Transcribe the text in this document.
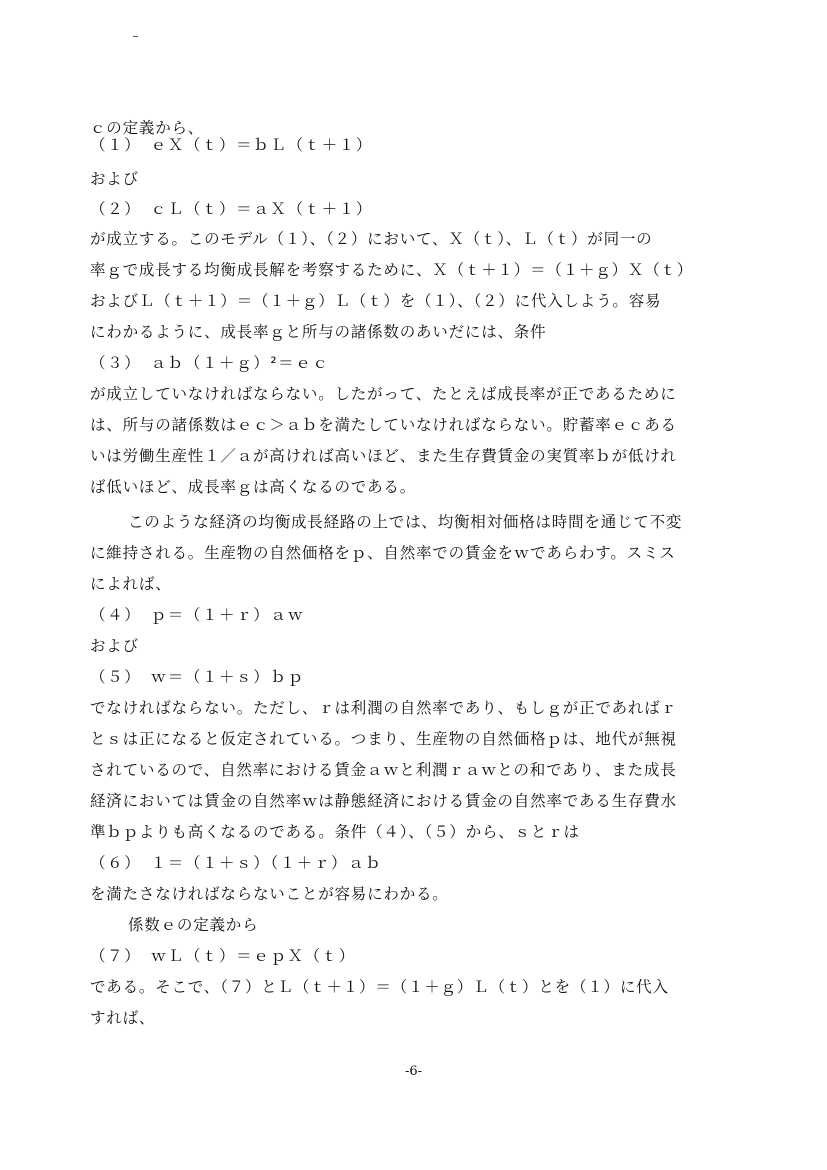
ｃの定義から、
（１）　ｅＸ（ｔ）＝ｂＬ（ｔ＋１）
および
（２）　ｃＬ（ｔ）＝ａＸ（ｔ＋１）
が成立する。このモデル（１）、（２）において、Ｘ（ｔ）、Ｌ（ｔ）が同一の
率ｇで成長する均衡成長解を考察するために、Ｘ（ｔ＋１）＝（１＋ｇ）Ｘ（ｔ）
およびＬ（ｔ＋１）＝（１＋ｇ）Ｌ（ｔ）を（１）、（２）に代入しよう。容易
にわかるように、成長率ｇと所与の諸係数のあいだには、条件
（３）　ａｂ（１＋ｇ）²＝ｅｃ
が成立していなければならない。したがって、たとえば成長率が正であるために
は、所与の諸係数はｅｃ＞ａｂを満たしていなければならない。貯蓄率ｅｃある
いは労働生産性１／ａが高ければ高いほど、また生存費賃金の実質率ｂが低けれ
ば低いほど、成長率ｇは高くなるのである。
このような経済の均衡成長経路の上では、均衡相対価格は時間を通じて不変
に維持される。生産物の自然価格をｐ、自然率での賃金をｗであらわす。スミス
によれば、
（４）　ｐ＝（１＋ｒ）ａｗ
および
（５）　ｗ＝（１＋ｓ）ｂｐ
でなければならない。ただし、ｒは利潤の自然率であり、もしｇが正であればｒ
とｓは正になると仮定されている。つまり、生産物の自然価格ｐは、地代が無視
されているので、自然率における賃金ａｗと利潤ｒａｗとの和であり、また成長
経済においては賃金の自然率ｗは静態経済における賃金の自然率である生存費水
準ｂｐよりも高くなるのである。条件（４）、（５）から、ｓとｒは
（６）　１＝（１＋ｓ）（１＋ｒ）ａｂ
を満たさなければならないことが容易にわかる。
係数ｅの定義から
（７）　ｗＬ（ｔ）＝ｅｐＸ（ｔ）
である。そこで、（７）とＬ（ｔ＋１）＝（１＋ｇ）Ｌ（ｔ）とを（１）に代入
すれば、
-6-
